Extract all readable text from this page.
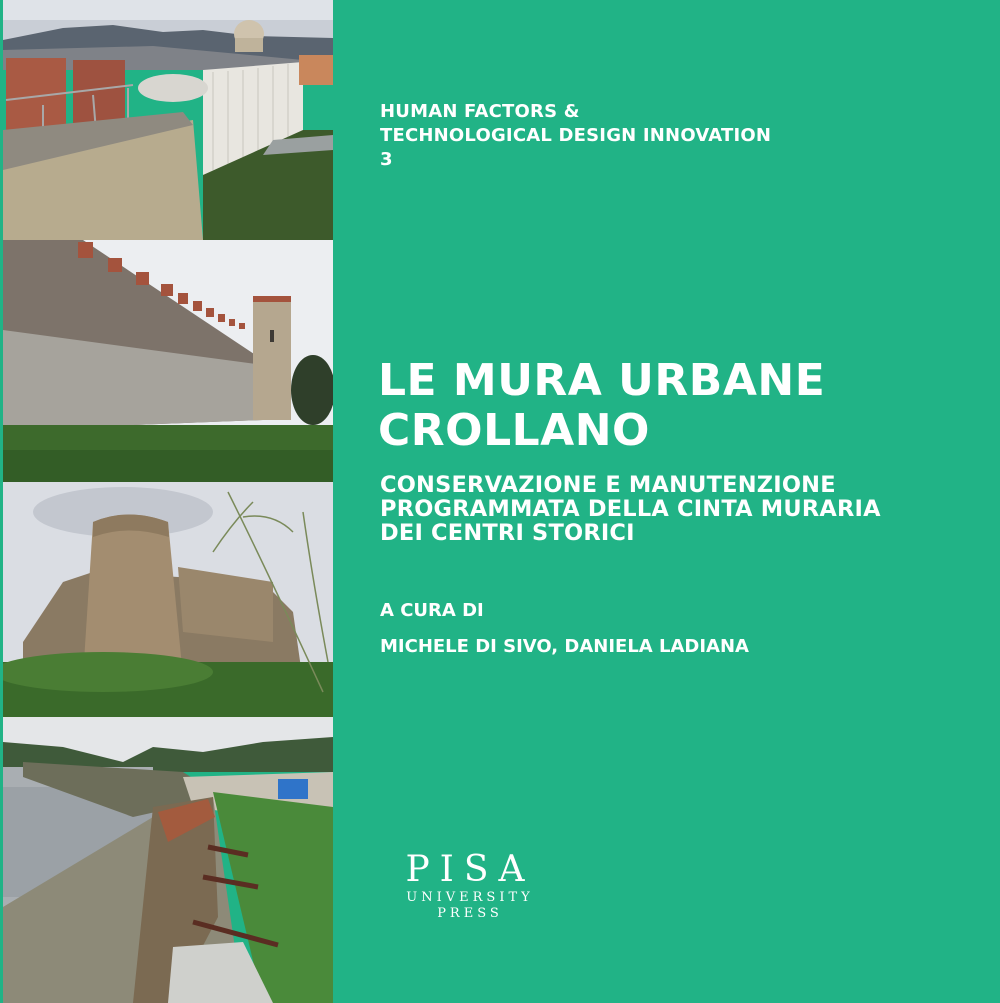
HUMAN FACTORS &
TECHNOLOGICAL DESIGN INNOVATION
3
LE MURA URBANE
CROLLANO
CONSERVAZIONE E MANUTENZIONE
PROGRAMMATA DELLA CINTA MURARIA
DEI CENTRI STORICI
A CURA DI
MICHELE DI SIVO, DANIELA LADIANA
PISA
UNIVERSITY
PRESS
